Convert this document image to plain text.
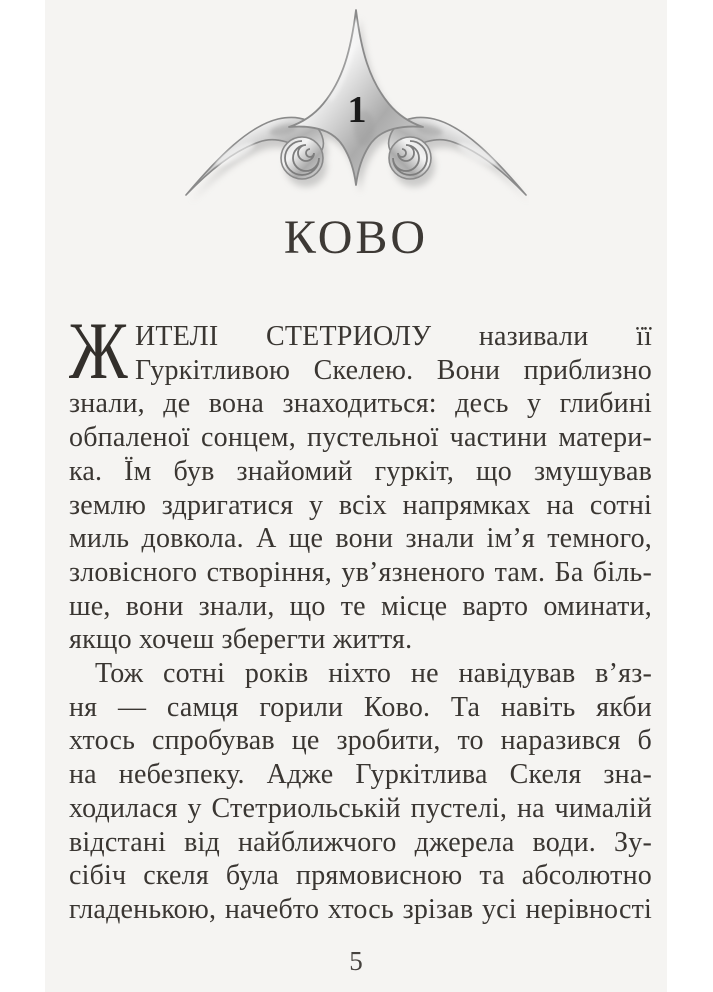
1
КОВО
Ж ИТЕЛІ СТЕТРИОЛУ називали її
Гуркітливою Скелею. Вони приблизно
знали, де вона знаходиться: десь у глибині
обпаленої сонцем, пустельної частини матери-
ка. Їм був знайомий гуркіт, що змушував
землю здригатися у всіх напрямках на сотні
миль довкола. А ще вони знали ім’я темного,
зловісного створіння, ув’язненого там. Ба біль-
ше, вони знали, що те місце варто оминати,
якщо хочеш зберегти життя.
Тож сотні років ніхто не навідував в’яз-
ня — самця горили Ково. Та навіть якби
хтось спробував це зробити, то наразився б
на небезпеку. Адже Гуркітлива Скеля зна-
ходилася у Стетриольській пустелі, на чималій
відстані від найближчого джерела води. Зу-
сібіч скеля була прямовисною та абсолютно
гладенькою, начебто хтось зрізав усі нерівності
5
